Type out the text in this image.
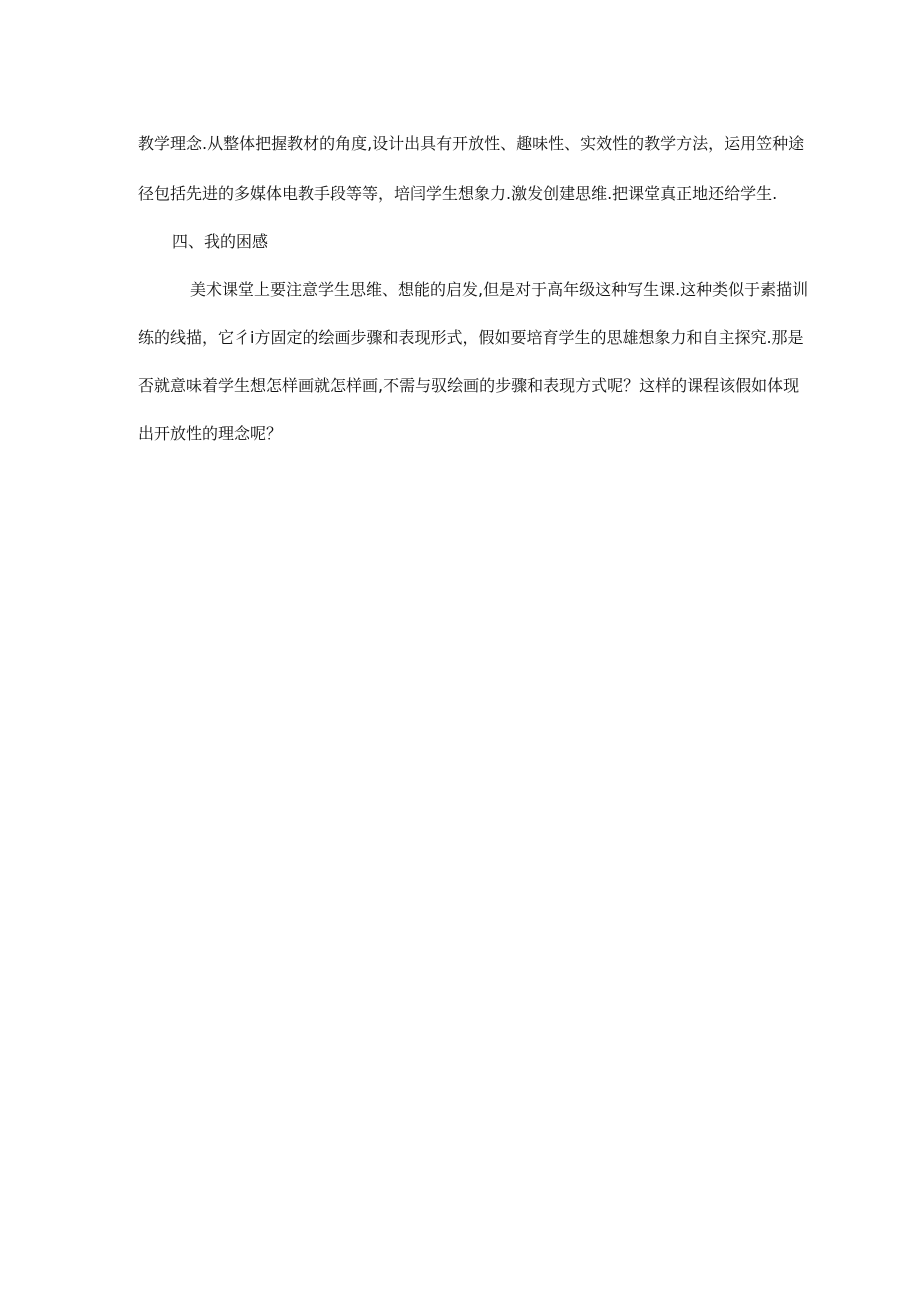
教学理念.从整体把握教材的角度,设计出具有开放性、趣味性、实效性的教学方法，运用笠种途
径包括先进的多媒体电教手段等等，培闫学生想象力.激发创建思维.把课堂真正地还给学生.
四、我的困感
美术课堂上要注意学生思维、想能的启发,但是对于高年级这种写生课.这种类似于素描训
练的线描，它彳i方固定的绘画步骤和表现形式，假如要培育学生的思雄想象力和自主探究.那是
否就意味着学生想怎样画就怎样画,不需与驭绘画的步骤和表现方式呢？这样的课程该假如体现
出开放性的理念呢？
